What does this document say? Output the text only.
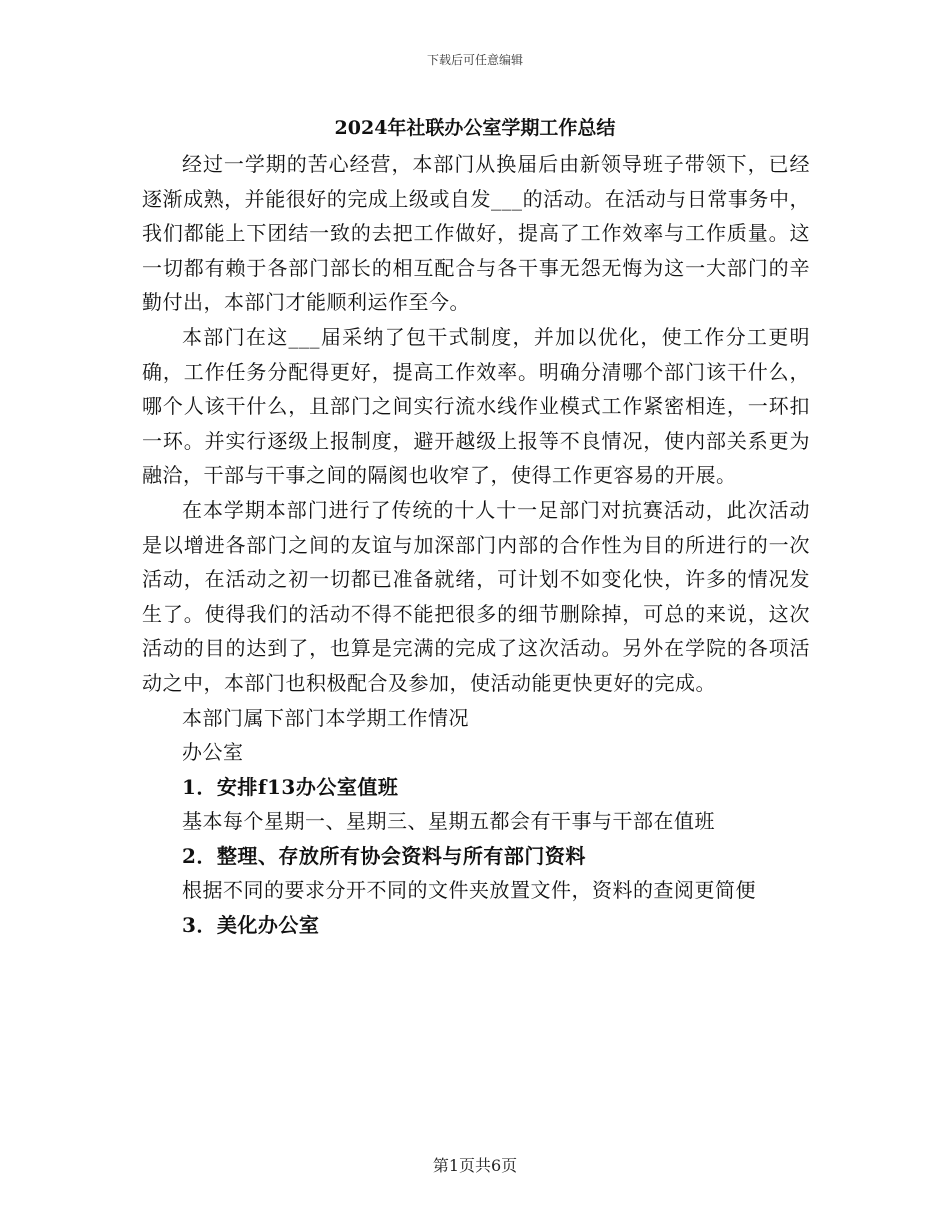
下载后可任意编辑
2024年社联办公室学期工作总结

经过一学期的苦心经营，本部门从换届后由新领导班子带领下，已经逐渐成熟，并能很好的完成上级或自发___的活动。在活动与日常事务中，我们都能上下团结一致的去把工作做好，提高了工作效率与工作质量。这一切都有赖于各部门部长的相互配合与各干事无怨无悔为这一大部门的辛勤付出，本部门才能顺利运作至今。

本部门在这___届采纳了包干式制度，并加以优化，使工作分工更明确，工作任务分配得更好，提高工作效率。明确分清哪个部门该干什么，哪个人该干什么，且部门之间实行流水线作业模式工作紧密相连，一环扣一环。并实行逐级上报制度，避开越级上报等不良情况，使内部关系更为融洽，干部与干事之间的隔阂也收窄了，使得工作更容易的开展。

在本学期本部门进行了传统的十人十一足部门对抗赛活动，此次活动是以增进各部门之间的友谊与加深部门内部的合作性为目的所进行的一次活动，在活动之初一切都已准备就绪，可计划不如变化快，许多的情况发生了。使得我们的活动不得不能把很多的细节删除掉，可总的来说，这次活动的目的达到了，也算是完满的完成了这次活动。另外在学院的各项活动之中，本部门也积极配合及参加，使活动能更快更好的完成。

本部门属下部门本学期工作情况

办公室

1．安排f13办公室值班

基本每个星期一、星期三、星期五都会有干事与干部在值班

2．整理、存放所有协会资料与所有部门资料

根据不同的要求分开不同的文件夹放置文件，资料的查阅更简便

3．美化办公室

第1页共6页
